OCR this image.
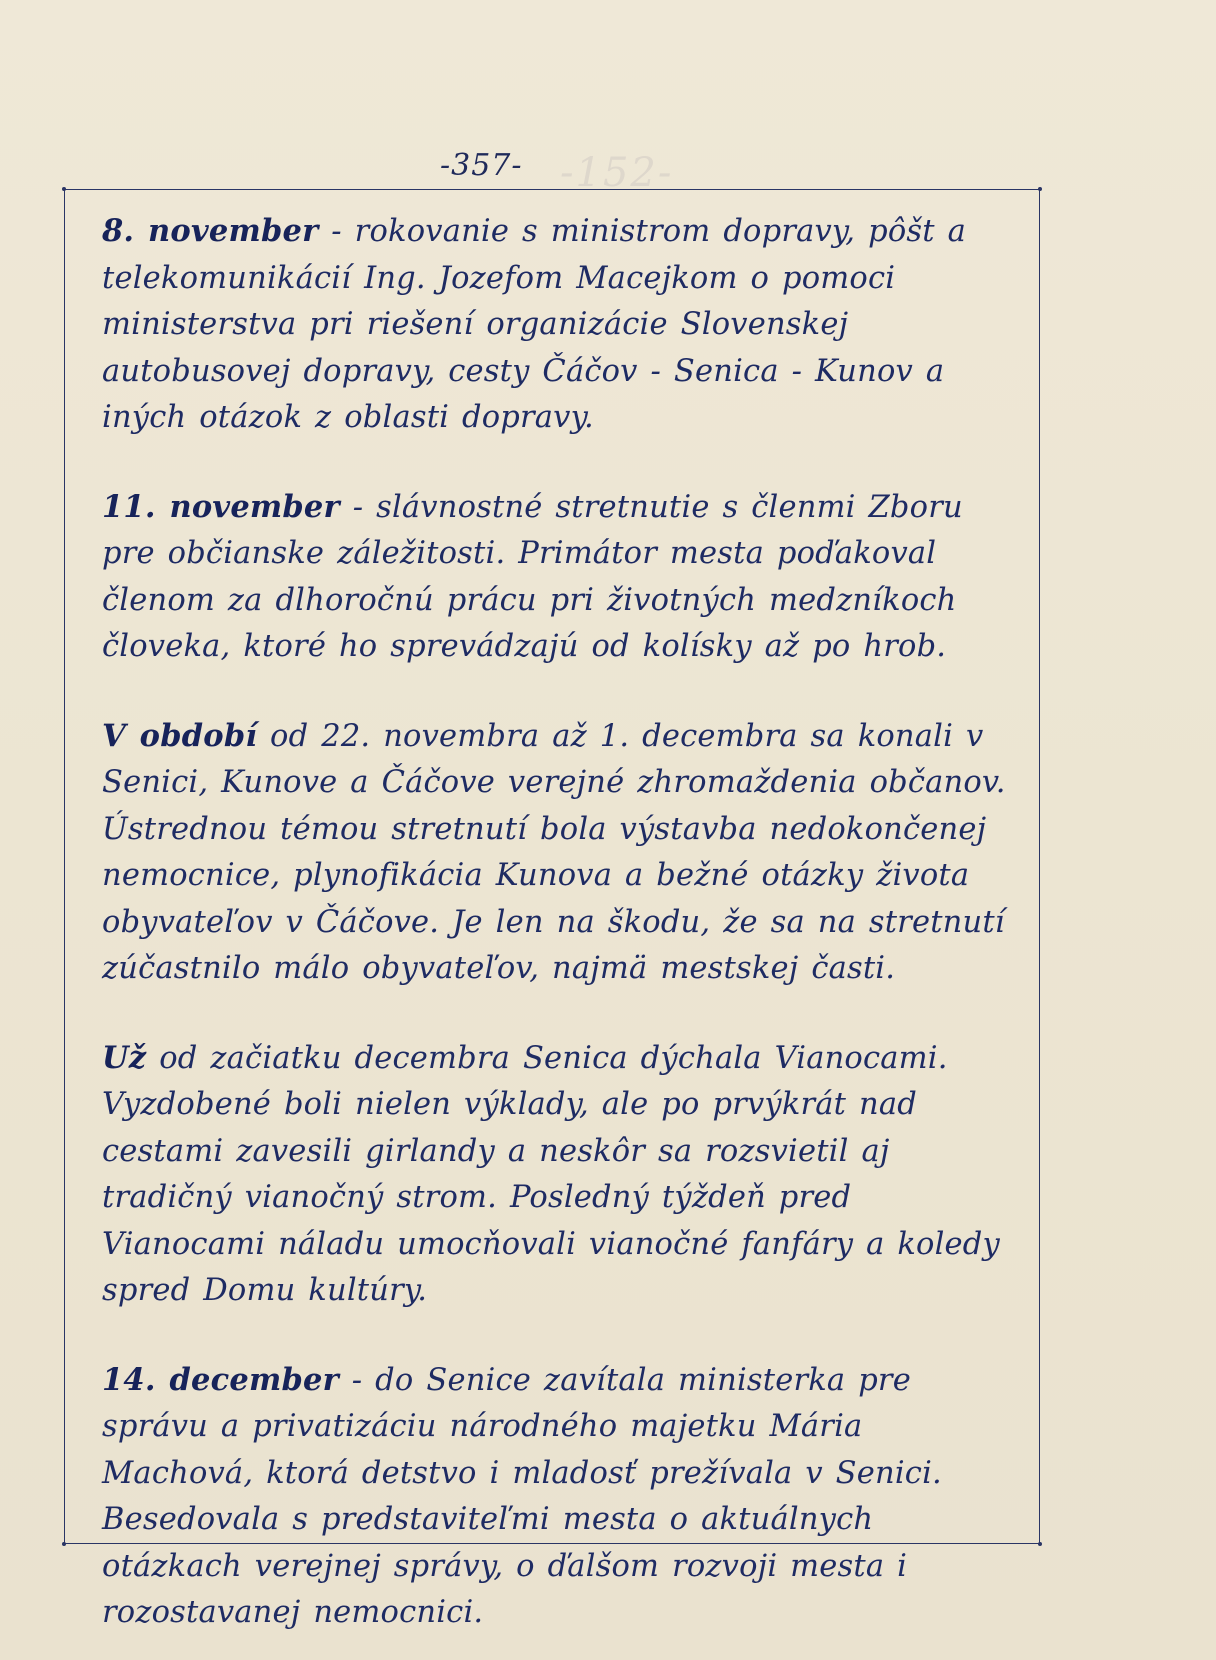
-152-
-357-

8. november - rokovanie s ministrom dopravy, pôšt a telekomunikácií Ing. Jozefom Macejkom o pomoci ministerstva pri riešení organizácie Slovenskej autobusovej dopravy, cesty Čáčov - Senica - Kunov a iných otázok z oblasti dopravy.

11. november - slávnostné stretnutie s členmi Zboru pre občianske záležitosti. Primátor mesta poďakoval členom za dlhoročnú prácu pri životných medzníkoch človeka, ktoré ho sprevádzajú od kolísky až po hrob.

V období od 22. novembra až 1. decembra sa konali v Senici, Kunove a Čáčove verejné zhromaždenia občanov. Ústrednou témou stretnutí bola výstavba nedokončenej nemocnice, plynofikácia Kunova a bežné otázky života obyvateľov v Čáčove. Je len na škodu, že sa na stretnutí zúčastnilo málo obyvateľov, najmä mestskej časti.

Už od začiatku decembra Senica dýchala Vianocami. Vyzdobené boli nielen výklady, ale po prvýkrát nad cestami zavesili girlandy a neskôr sa rozsvietil aj tradičný vianočný strom. Posledný týždeň pred Vianocami náladu umocňovali vianočné fanfáry a koledy spred Domu kultúry.

14. december - do Senice zavítala ministerka pre správu a privatizáciu národného majetku Mária Machová, ktorá detstvo i mladosť prežívala v Senici. Besedovala s predstaviteľmi mesta o aktuálnych otázkach verejnej správy, o ďalšom rozvoji mesta i rozostavanej nemocnici.
